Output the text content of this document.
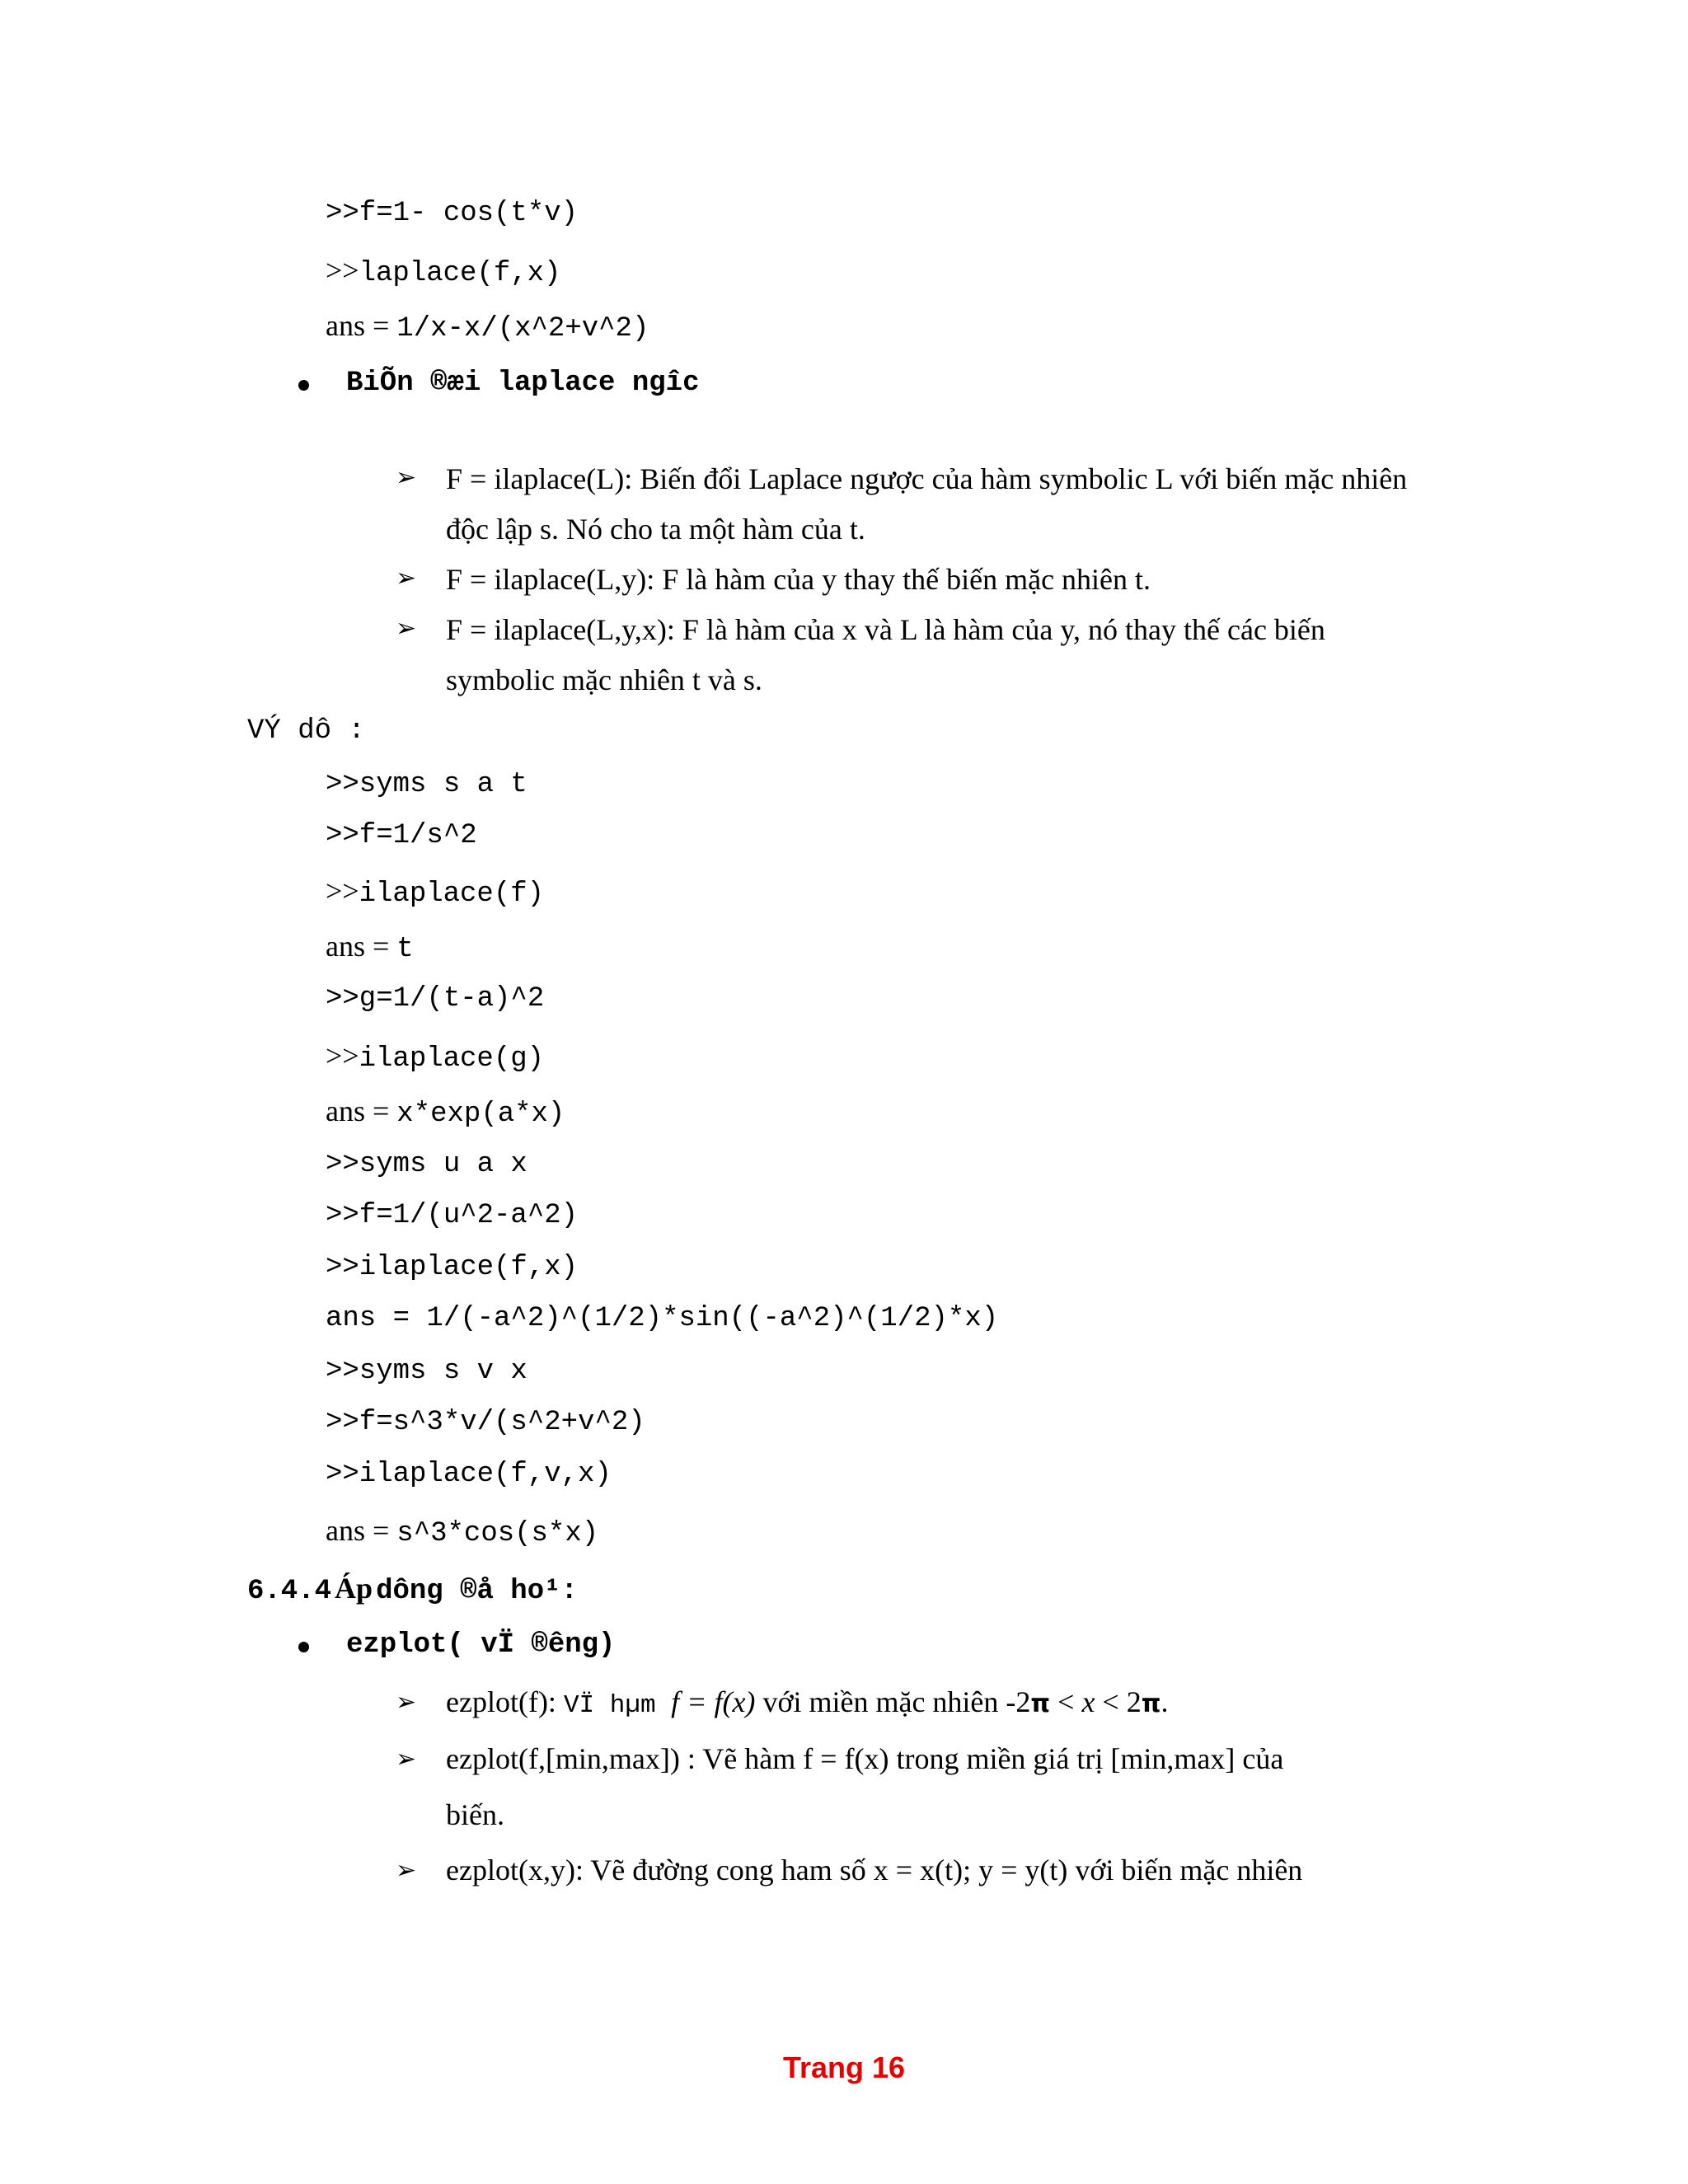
>>f=1- cos(t*v)
>>laplace(f,x)
ans = 1/x-x/(x^2+v^2)
BiÕn ®æi laplace ngîc
➢ F = ilaplace(L): Biến đổi Laplace ngược của hàm symbolic L với biến mặc nhiên
độc lập s. Nó cho ta một hàm của t.
➢ F = ilaplace(L,y): F là hàm của y thay thế biến mặc nhiên t.
➢ F = ilaplace(L,y,x): F là hàm của x và L là hàm của y, nó thay thế các biến
symbolic mặc nhiên t và s.
VÝ dô :
>>syms s a t
>>f=1/s^2
>>ilaplace(f)
ans = t
>>g=1/(t-a)^2
>>ilaplace(g)
ans = x*exp(a*x)
>>syms u a x
>>f=1/(u^2-a^2)
>>ilaplace(f,x)
ans = 1/(-a^2)^(1/2)*sin((-a^2)^(1/2)*x)
>>syms s v x
>>f=s^3*v/(s^2+v^2)
>>ilaplace(f,v,x)
ans = s^3*cos(s*x)
6.4.4 Áp dông ®å ho¹:
ezplot( vÏ ®êng)
➢ ezplot(f): VÏ hµm f = f(x) với miền mặc nhiên -2π < x < 2π.
➢ ezplot(f,[min,max]) : Vẽ hàm f = f(x) trong miền giá trị [min,max] của
biến.
➢ ezplot(x,y): Vẽ đường cong ham số x = x(t); y = y(t) với biến mặc nhiên
Trang 16
